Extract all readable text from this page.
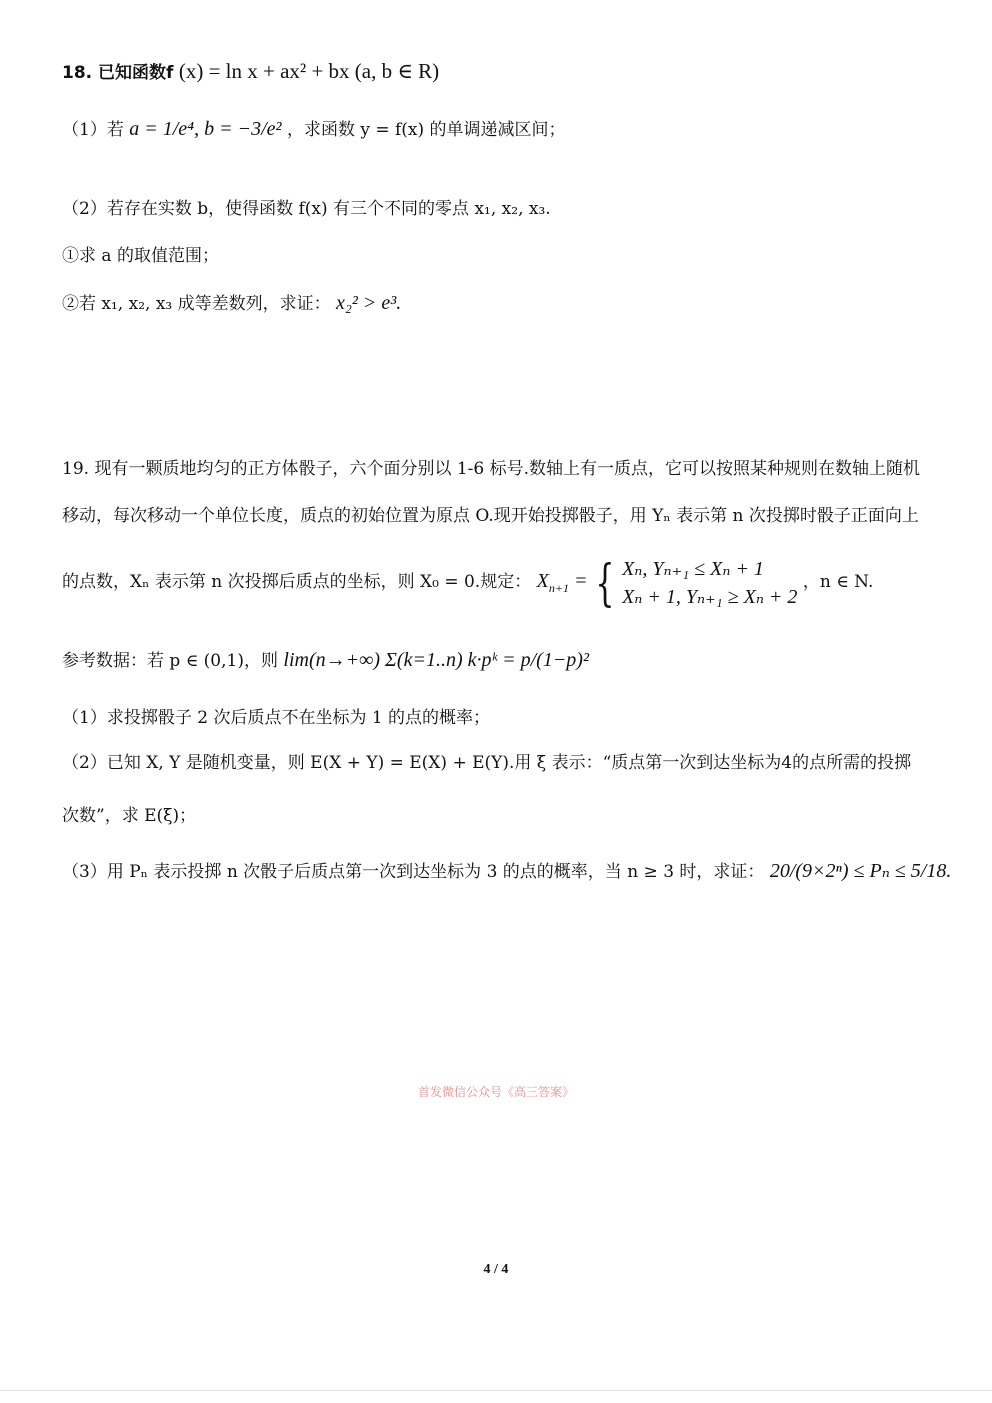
18. 已知函数f (x) = ln x + ax² + bx (a, b ∈ R)
（1）若 a = 1/e⁴, b = −3/e² ，求函数 y = f(x) 的单调递减区间；
（2）若存在实数 b，使得函数 f(x) 有三个不同的零点 x₁, x₂, x₃.
①求 a 的取值范围；
②若 x₁, x₂, x₃ 成等差数列，求证： x₂² > e³.
19. 现有一颗质地均匀的正方体骰子，六个面分别以 1-6 标号.数轴上有一质点，它可以按照某种规则在数轴上随机
移动，每次移动一个单位长度，质点的初始位置为原点 O.现开始投掷骰子，用 Yₙ 表示第 n 次投掷时骰子正面向上
的点数，Xₙ 表示第 n 次投掷后质点的坐标，则 X₀ = 0.规定： $X_{n+1}$ = { Xₙ, Yₙ₊₁ ≤ Xₙ + 1
Xₙ + 1, Yₙ₊₁ ≥ Xₙ + 2
，n ∈ N.
参考数据：若 p ∈ (0,1)，则 lim(n→+∞) Σ(k=1..n) k·pᵏ = p/(1−p)²
（1）求投掷骰子 2 次后质点不在坐标为 1 的点的概率；
（2）已知 X, Y 是随机变量，则 E(X + Y) = E(X) + E(Y).用 ξ 表示：“质点第一次到达坐标为4的点所需的投掷
次数”，求 E(ξ)；
（3）用 Pₙ 表示投掷 n 次骰子后质点第一次到达坐标为 3 的点的概率，当 n ≥ 3 时，求证： 20/(9×2ⁿ) ≤ Pₙ ≤ 5/18.
首发微信公众号《高三答案》
4 / 4
